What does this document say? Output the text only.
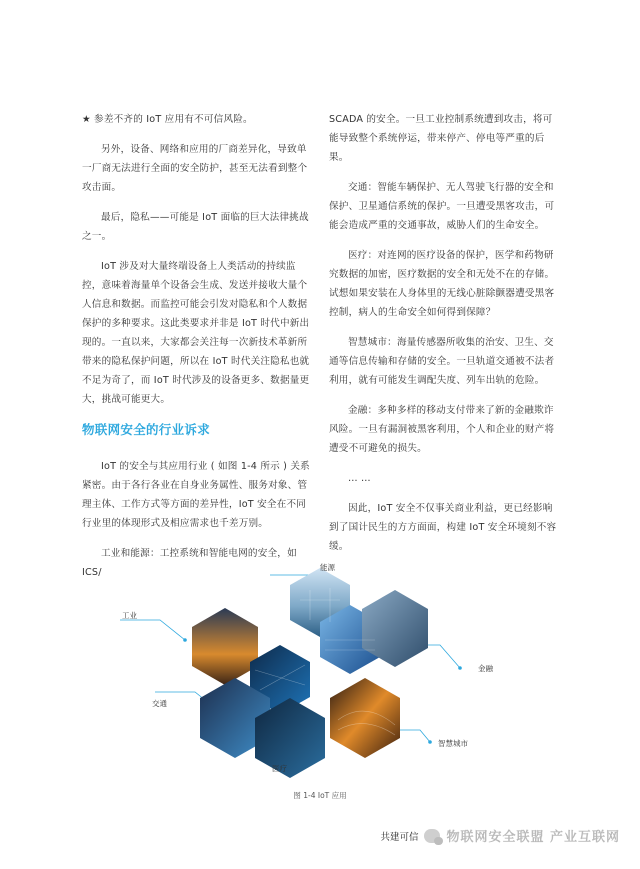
★ 参差不齐的 IoT 应用有不可信风险。

另外，设备、网络和应用的厂商差异化，导致单一厂商无法进行全面的安全防护，甚至无法看到整个攻击面。

最后，隐私——可能是 IoT 面临的巨大法律挑战之一。

IoT 涉及对大量终端设备上人类活动的持续监控，意味着海量单个设备会生成、发送并接收大量个人信息和数据。而监控可能会引发对隐私和个人数据保护的多种要求。这此类要求并非是 IoT 时代中新出现的。一直以来，大家都会关注每一次新技术革新所带来的隐私保护问题，所以在 IoT 时代关注隐私也就不足为奇了，而 IoT 时代涉及的设备更多、数据量更大，挑战可能更大。

物联网安全的行业诉求

IoT 的安全与其应用行业 ( 如图 1-4 所示 ) 关系紧密。由于各行各业在自身业务属性、服务对象、管理主体、工作方式等方面的差异性，IoT 安全在不同行业里的体现形式及相应需求也千差万别。

工业和能源：工控系统和智能电网的安全，如 ICS/

SCADA 的安全。一旦工业控制系统遭到攻击，将可能导致整个系统停运，带来停产、停电等严重的后果。

交通：智能车辆保护、无人驾驶飞行器的安全和保护、卫星通信系统的保护。一旦遭受黑客攻击，可能会造成严重的交通事故，威胁人们的生命安全。

医疗：对连网的医疗设备的保护，医学和药物研究数据的加密，医疗数据的安全和无处不在的存储。试想如果安装在人身体里的无线心脏除颤器遭受黑客控制，病人的生命安全如何得到保障？

智慧城市：海量传感器所收集的治安、卫生、交通等信息传输和存储的安全。一旦轨道交通被不法者利用，就有可能发生调配失度、列车出轨的危险。

金融：多种多样的移动支付带来了新的金融欺诈风险。一旦有漏洞被黑客利用，个人和企业的财产将遭受不可避免的损失。

… …

因此，IoT 安全不仅事关商业利益，更已经影响到了国计民生的方方面面，构建 IoT 安全环境刻不容缓。

能源
工业
金融
交通
智慧城市
医疗
图 1-4 IoT 应用
共建可信 物联网安全联盟 产业互联网
